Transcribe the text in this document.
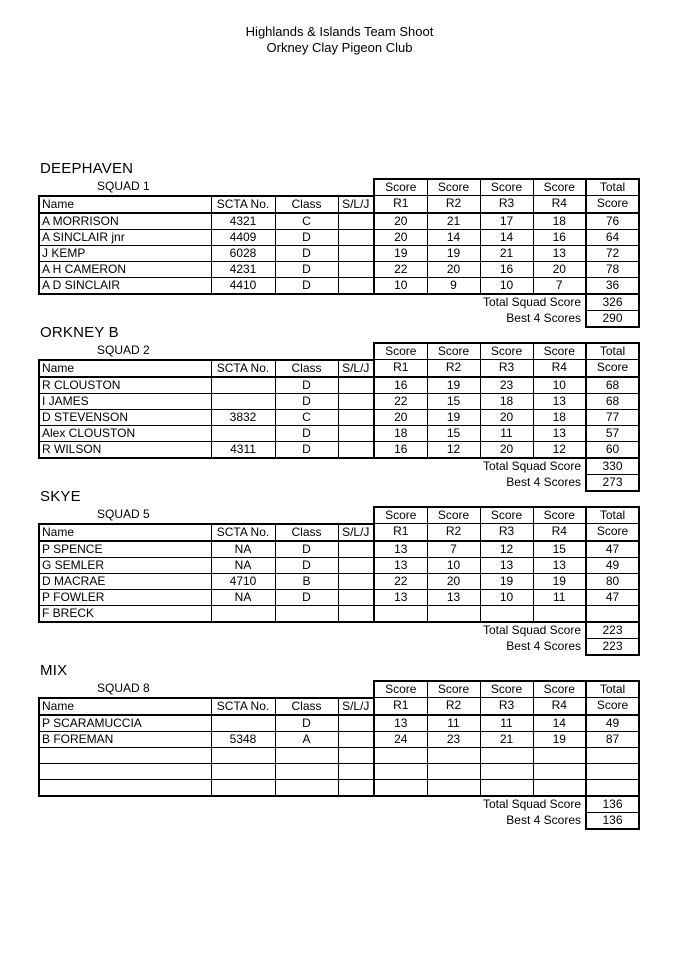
Highlands & Islands Team Shoot
Orkney Clay Pigeon Club
DEEPHAVEN
SQUAD 1
					Score	Score	Score	Score	Total
Name	SCTA No.	Class	S/L/J	R1	R2	R3	R4	Score
A MORRISON	4321	C		20	21	17	18	76
A SINCLAIR jnr	4409	D		20	14	14	16	64
J KEMP	6028	D		19	19	21	13	72
A H CAMERON	4231	D		22	20	16	20	78
A D SINCLAIR	4410	D		10	9	10	7	36
Total Squad Score								326
Best 4 Scores								290
ORKNEY B
SQUAD 2
					Score	Score	Score	Score	Total
Name	SCTA No.	Class	S/L/J	R1	R2	R3	R4	Score
R CLOUSTON		D		16	19	23	10	68
I JAMES		D		22	15	18	13	68
D STEVENSON	3832	C		20	19	20	18	77
Alex CLOUSTON		D		18	15	11	13	57
R WILSON	4311	D		16	12	20	12	60
Total Squad Score								330
Best 4 Scores								273
SKYE
SQUAD 5
					Score	Score	Score	Score	Total
Name	SCTA No.	Class	S/L/J	R1	R2	R3	R4	Score
P SPENCE	NA	D		13	7	12	15	47
G SEMLER	NA	D		13	10	13	13	49
D MACRAE	4710	B		22	20	19	19	80
P FOWLER	NA	D		13	13	10	11	47
F BRECK								
Total Squad Score								223
Best 4 Scores								223
MIX
SQUAD 8
					Score	Score	Score	Score	Total
Name	SCTA No.	Class	S/L/J	R1	R2	R3	R4	Score
P SCARAMUCCIA		D		13	11	11	14	49
B FOREMAN	5348	A		24	23	21	19	87

Total Squad Score								136
Best 4 Scores								136
